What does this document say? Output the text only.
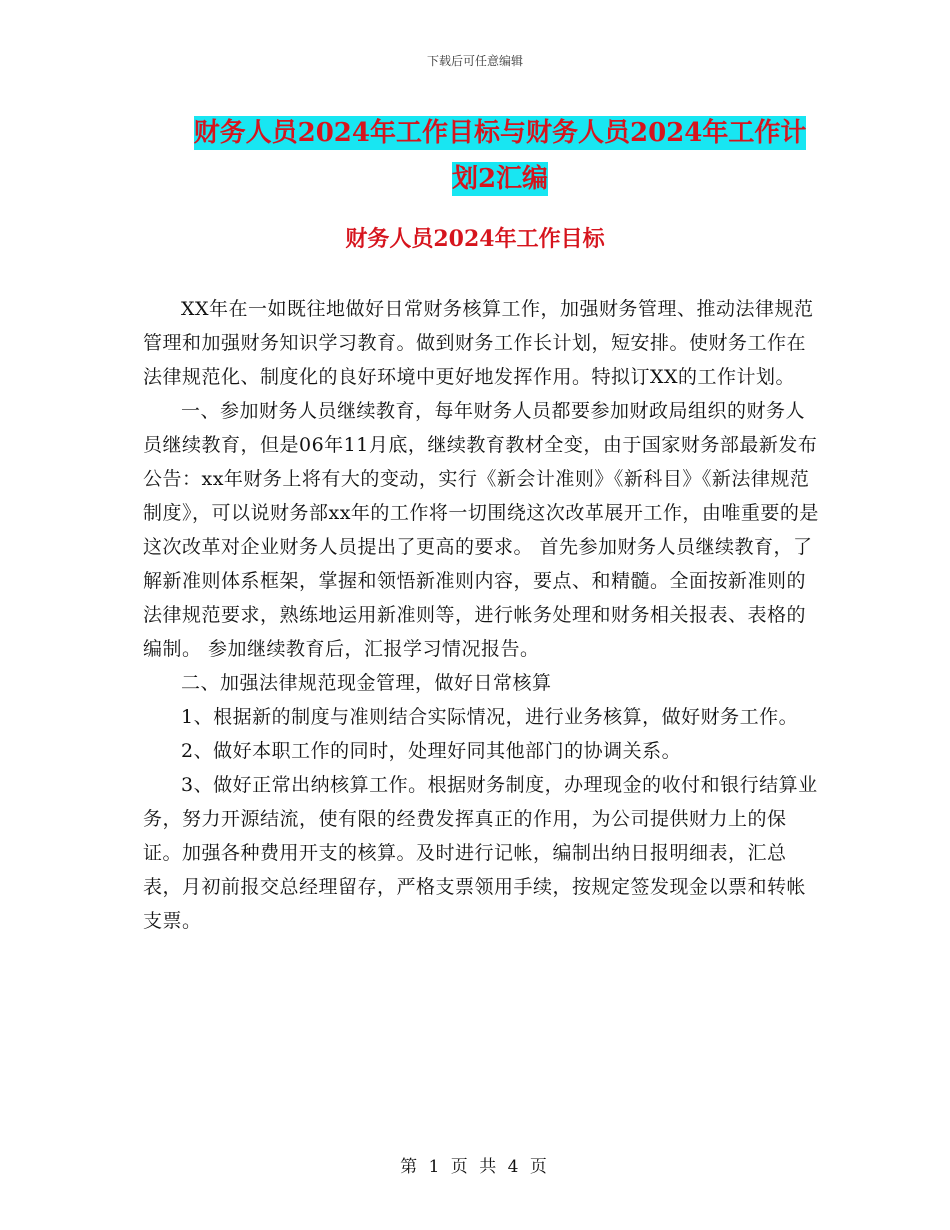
下载后可任意编辑
财务人员2024年工作目标与财务人员2024年工作计
划2汇编
财务人员2024年工作目标

XX年在一如既往地做好日常财务核算工作，加强财务管理、推动法律规范管理和加强财务知识学习教育。做到财务工作长计划，短安排。使财务工作在法律规范化、制度化的良好环境中更好地发挥作用。特拟订XX的工作计划。

一、参加财务人员继续教育，每年财务人员都要参加财政局组织的财务人员继续教育，但是06年11月底，继续教育教材全变，由于国家财务部最新发布公告：xx年财务上将有大的变动，实行《新会计准则》《新科目》《新法律规范制度》，可以说财务部xx年的工作将一切围绕这次改革展开工作，由唯重要的是这次改革对企业财务人员提出了更高的要求。 首先参加财务人员继续教育，了解新准则体系框架，掌握和领悟新准则内容，要点、和精髓。全面按新准则的法律规范要求，熟练地运用新准则等，进行帐务处理和财务相关报表、表格的编制。 参加继续教育后，汇报学习情况报告。

二、加强法律规范现金管理，做好日常核算

1、根据新的制度与准则结合实际情况，进行业务核算，做好财务工作。

2、做好本职工作的同时，处理好同其他部门的协调关系。

3、做好正常出纳核算工作。根据财务制度，办理现金的收付和银行结算业务，努力开源结流，使有限的经费发挥真正的作用，为公司提供财力上的保证。加强各种费用开支的核算。及时进行记帐，编制出纳日报明细表，汇总表，月初前报交总经理留存，严格支票领用手续，按规定签发现金以票和转帐支票。

第 1 页 共 4 页
